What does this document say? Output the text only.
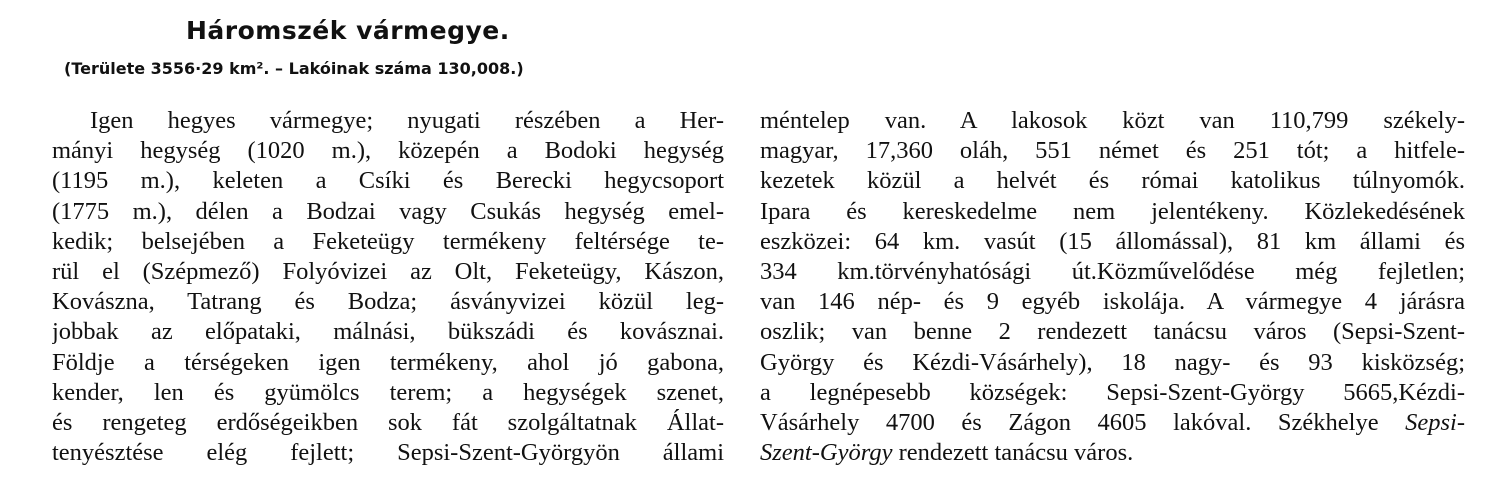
Háromszék vármegye.
(Területe 3556·29 km². – Lakóinak száma 130,008.)
Igen hegyes vármegye; nyugati részében a Her-
mányi hegység (1020 m.), közepén a Bodoki hegység
(1195 m.), keleten a Csíki és Berecki hegycsoport
(1775 m.), délen a Bodzai vagy Csukás hegység emel-
kedik; belsejében a Feketeügy termékeny feltérsége te-
rül el (Szépmező) Folyóvizei az Olt, Feketeügy, Kászon,
Kovászna, Tatrang és Bodza; ásványvizei közül leg-
jobbak az előpataki, málnási, bükszádi és kovásznai.
Földje a térségeken igen termékeny, ahol jó gabona,
kender, len és gyümölcs terem; a hegységek szenet,
és rengeteg erdőségeikben sok fát szolgáltatnak Állat-
tenyésztése elég fejlett; Sepsi-Szent-Györgyön állami
méntelep van. A lakosok közt van 110,799 székely-
magyar, 17,360 oláh, 551 német és 251 tót; a hitfele-
kezetek közül a helvét és római katolikus túlnyomók.
Ipara és kereskedelme nem jelentékeny. Közlekedésének
eszközei: 64 km. vasút (15 állomással), 81 km állami és
334 km.törvényhatósági út.Közművelődése még fejletlen;
van 146 nép- és 9 egyéb iskolája. A vármegye 4 járásra
oszlik; van benne 2 rendezett tanácsu város (Sepsi-Szent-
György és Kézdi-Vásárhely), 18 nagy- és 93 kisközség;
a legnépesebb községek: Sepsi-Szent-György 5665,Kézdi-
Vásárhely 4700 és Zágon 4605 lakóval. Székhelye Sepsi-
Szent-György rendezett tanácsu város.
